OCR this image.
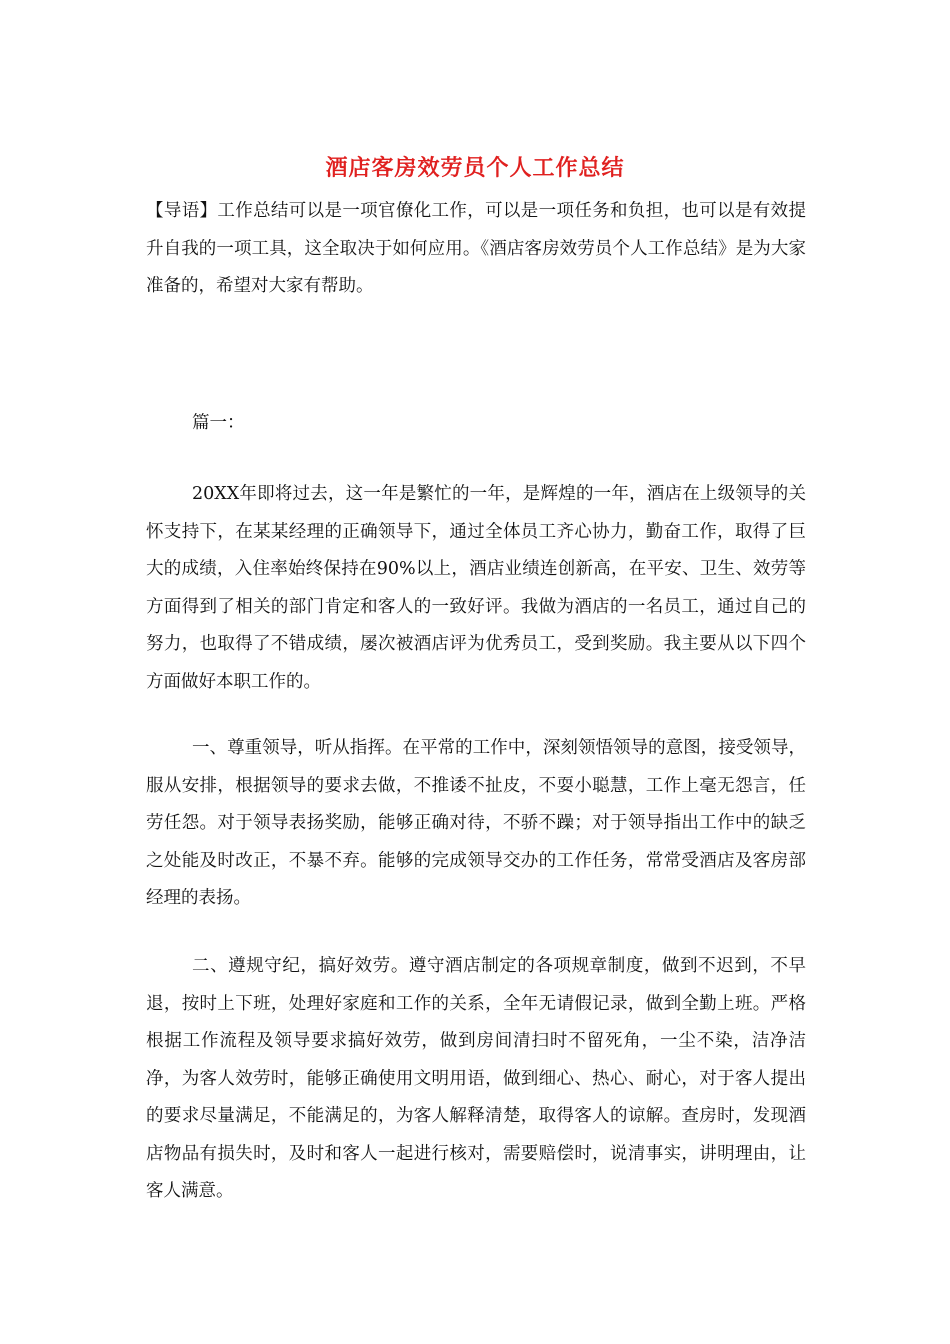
酒店客房效劳员个人工作总结
【导语】工作总结可以是一项官僚化工作，可以是一项任务和负担，也可以是有效提升自我的一项工具，这全取决于如何应用。《酒店客房效劳员个人工作总结》是为大家准备的，希望对大家有帮助。
篇一：
20XX年即将过去，这一年是繁忙的一年，是辉煌的一年，酒店在上级领导的关怀支持下，在某某经理的正确领导下，通过全体员工齐心协力，勤奋工作，取得了巨大的成绩，入住率始终保持在90%以上，酒店业绩连创新高，在平安、卫生、效劳等方面得到了相关的部门肯定和客人的一致好评。我做为酒店的一名员工，通过自己的努力，也取得了不错成绩，屡次被酒店评为优秀员工，受到奖励。我主要从以下四个方面做好本职工作的。
一、尊重领导，听从指挥。在平常的工作中，深刻领悟领导的意图，接受领导，服从安排，根据领导的要求去做，不推诿不扯皮，不耍小聪慧，工作上毫无怨言，任劳任怨。对于领导表扬奖励，能够正确对待，不骄不躁；对于领导指出工作中的缺乏之处能及时改正，不暴不弃。能够的完成领导交办的工作任务，常常受酒店及客房部经理的表扬。
二、遵规守纪，搞好效劳。遵守酒店制定的各项规章制度，做到不迟到，不早退，按时上下班，处理好家庭和工作的关系，全年无请假记录，做到全勤上班。严格根据工作流程及领导要求搞好效劳，做到房间清扫时不留死角，一尘不染，洁净洁净，为客人效劳时，能够正确使用文明用语，做到细心、热心、耐心，对于客人提出的要求尽量满足，不能满足的，为客人解释清楚，取得客人的谅解。查房时，发现酒店物品有损失时，及时和客人一起进行核对，需要赔偿时，说清事实，讲明理由，让客人满意。
